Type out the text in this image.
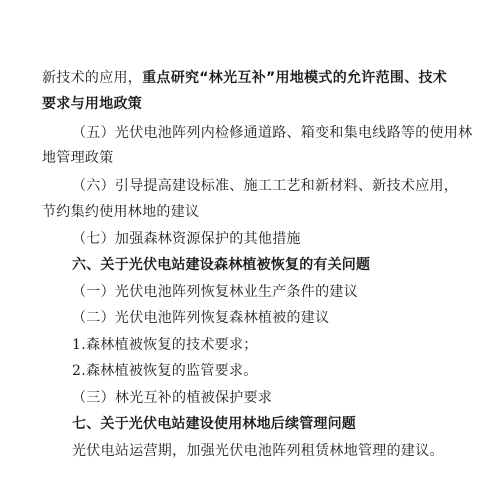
新技术的应用，重点研究“林光互补”用地模式的允许范围、技术
要求与用地政策
（五）光伏电池阵列内检修通道路、箱变和集电线路等的使用林
地管理政策
（六）引导提高建设标准、施工工艺和新材料、新技术应用，
节约集约使用林地的建议
（七）加强森林资源保护的其他措施
六、关于光伏电站建设森林植被恢复的有关问题
（一）光伏电池阵列恢复林业生产条件的建议
（二）光伏电池阵列恢复森林植被的建议
1.森林植被恢复的技术要求；
2.森林植被恢复的监管要求。
（三）林光互补的植被保护要求
七、关于光伏电站建设使用林地后续管理问题
光伏电站运营期，加强光伏电池阵列租赁林地管理的建议。
